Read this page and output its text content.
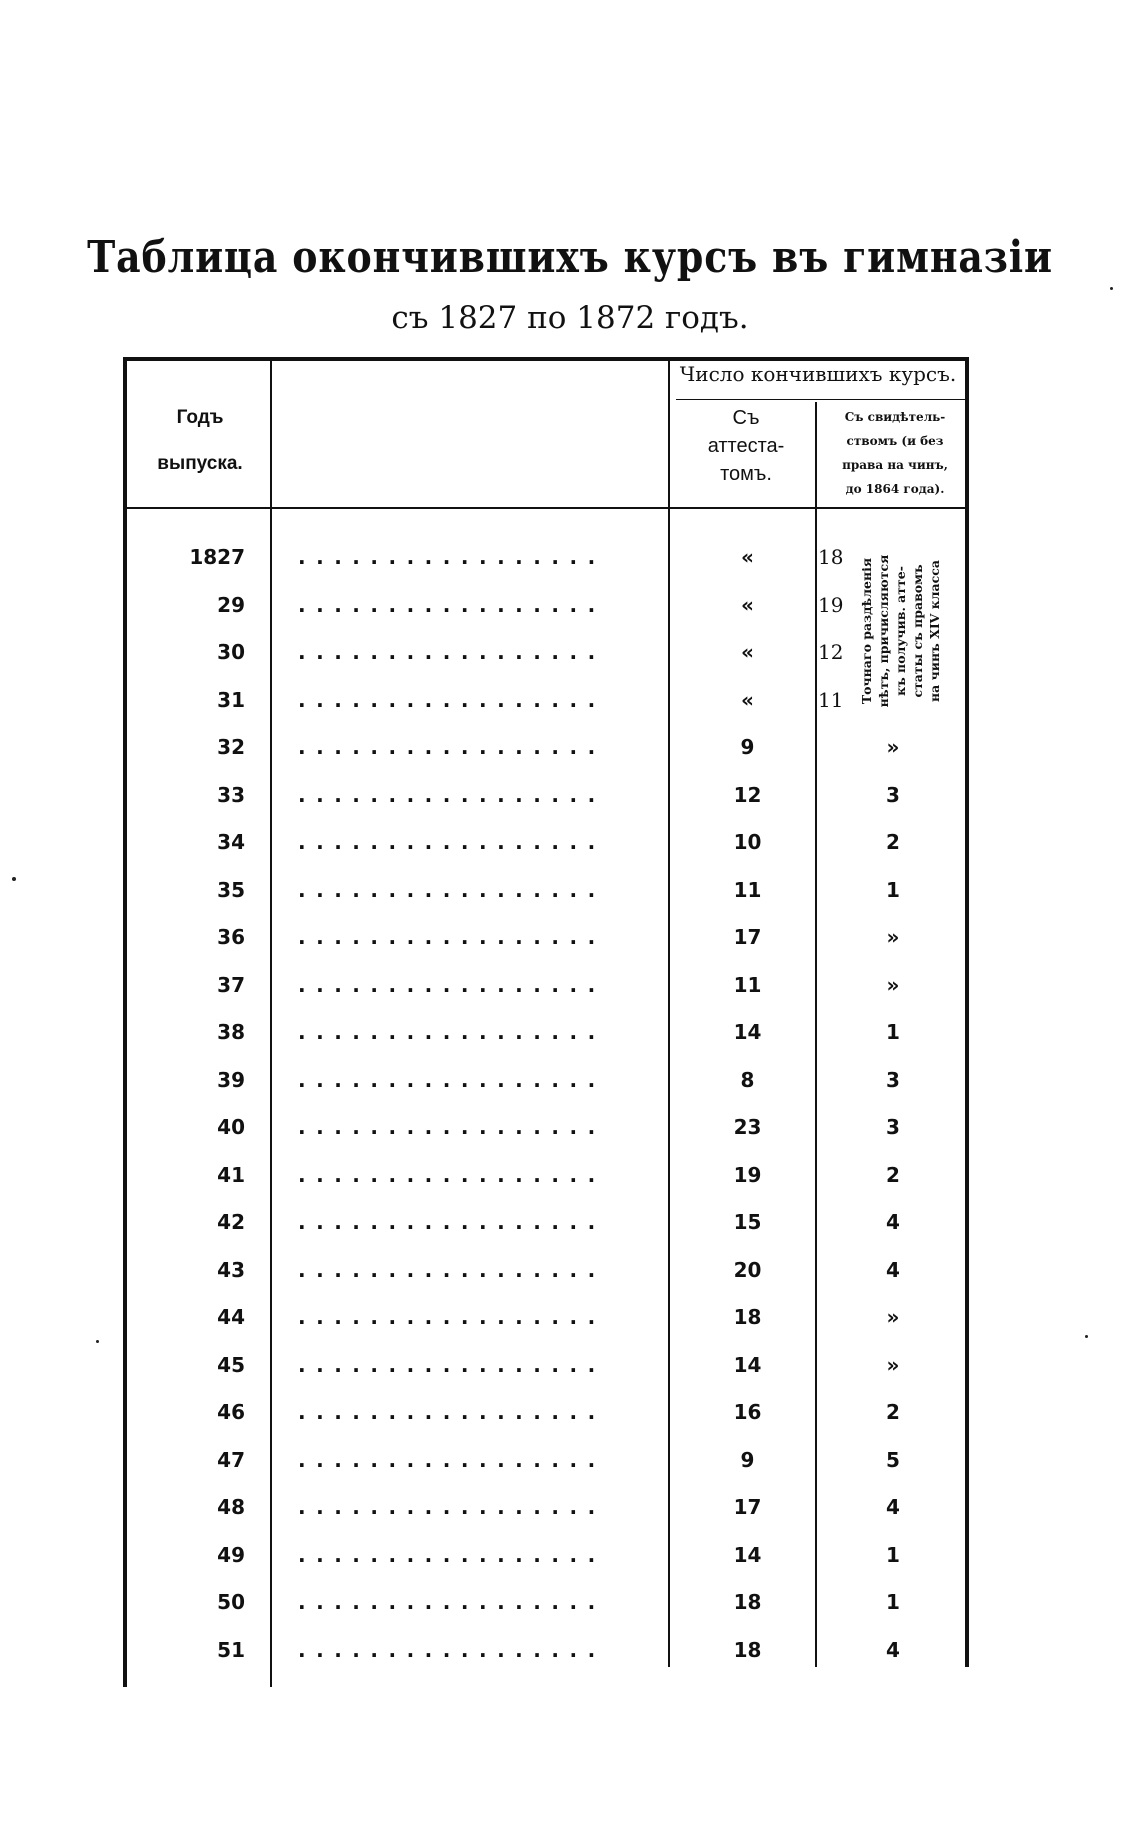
Таблица окончившихъ курсъ въ гимназіи
съ 1827 по 1872 годъ.
Годъ
выпуска.
Число кончившихъ курсъ.
Съ
аттеста-
томъ.
Съ свидѣтель-
ствомъ (и без
права на чинъ,
до 1864 года).
Точнаго раздѣленія нѣтъ, причисляются къ получив. атте- статы съ правомъ на чинъ XIV класса
1827	.................	«	18
29	.................	«	19
30	.................	«	12
31	.................	«	11
32	.................	9	»
33	.................	12	3
34	.................	10	2
35	.................	11	1
36	.................	17	»
37	.................	11	»
38	.................	14	1
39	.................	8	3
40	.................	23	3
41	.................	19	2
42	.................	15	4
43	.................	20	4
44	.................	18	»
45	.................	14	»
46	.................	16	2
47	.................	9	5
48	.................	17	4
49	.................	14	1
50	.................	18	1
51	.................	18	4
